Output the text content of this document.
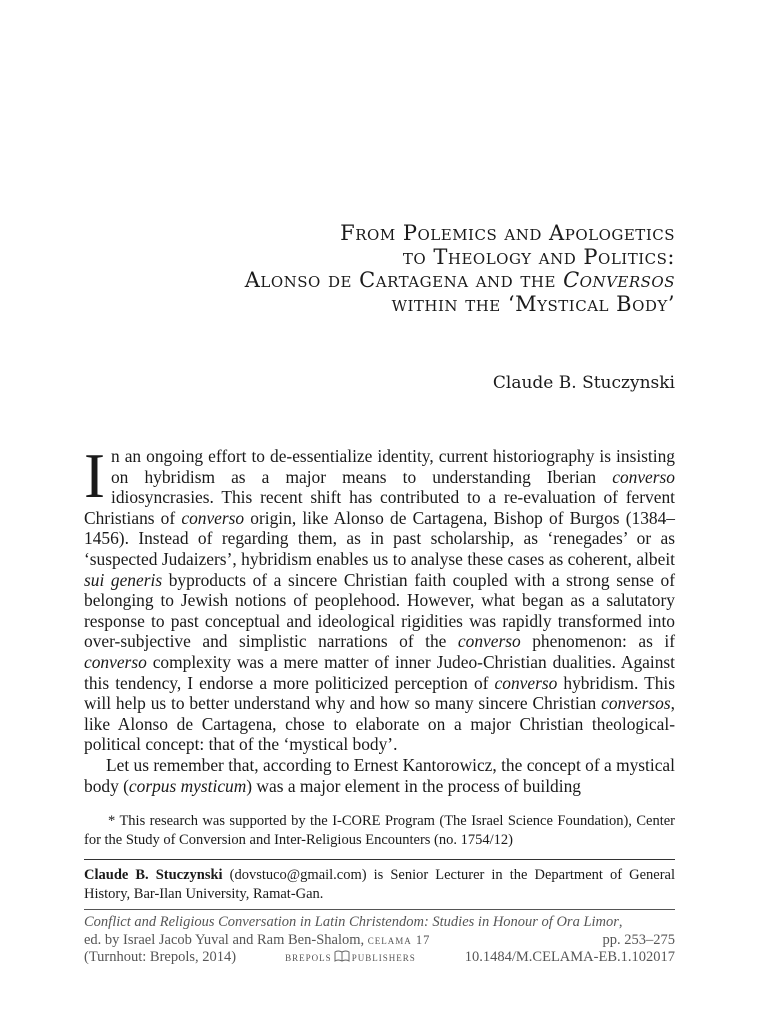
From Polemics and Apologetics
to Theology and Politics:
Alonso de Cartagena and the Conversos
within the ‘Mystical Body’
Claude B. Stuczynski

In an ongoing effort to de-essentialize identity, current historiography is insisting on hybridism as a major means to understanding Iberian converso idiosyncrasies. This recent shift has contributed to a re-evaluation of fervent Christians of converso origin, like Alonso de Cartagena, Bishop of Burgos (1384–1456). Instead of regarding them, as in past scholarship, as ‘renegades’ or as ‘suspected Judaizers’, hybridism enables us to analyse these cases as coherent, albeit sui generis byproducts of a sincere Christian faith coupled with a strong sense of belonging to Jewish notions of peoplehood. However, what began as a salutatory response to past conceptual and ideological rigidities was rapidly transformed into over-subjective and simplistic narrations of the converso phenomenon: as if converso complexity was a mere matter of inner Judeo-Christian dualities. Against this tendency, I endorse a more politicized perception of converso hybridism. This will help us to better understand why and how so many sincere Christian conversos, like Alonso de Cartagena, chose to elaborate on a major Christian theological-political concept: that of the ‘mystical body’.

Let us remember that, according to Ernest Kantorowicz, the concept of a mystical body (corpus mysticum) was a major element in the process of building

* This research was supported by the I-CORE Program (The Israel Science Foundation), Center for the Study of Conversion and Inter-Religious Encounters (no. 1754/12)
Claude B. Stuczynski (dovstuco@gmail.com) is Senior Lecturer in the Department of General History, Bar-Ilan University, Ramat-Gan.
Conflict and Religious Conversation in Latin Christendom: Studies in Honour of Ora Limor,
ed. by Israel Jacob Yuval and Ram Ben-Shalom, celama 17	pp. 253–275
(Turnhout: Brepols, 2014)	brepols publishers	10.1484/M.CELAMA-EB.1.102017
